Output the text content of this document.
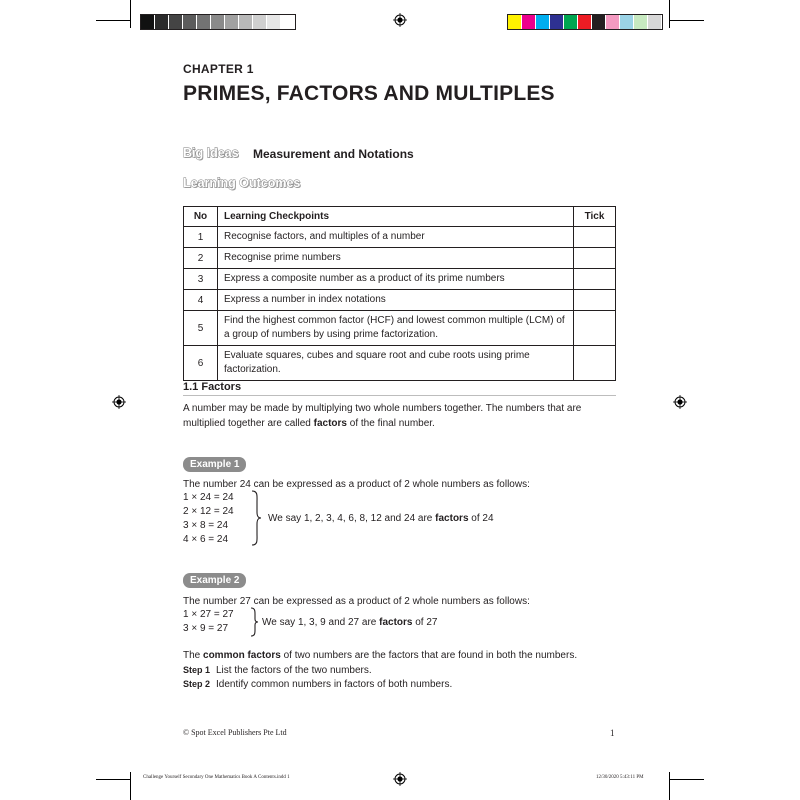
CHAPTER 1
PRIMES, FACTORS AND MULTIPLES
Big Ideas Measurement and Notations
Learning Outcomes
No	Learning Checkpoints	Tick
1	Recognise factors, and multiples of a number	
2	Recognise prime numbers	
3	Express a composite number as a product of its prime numbers	
4	Express a number in index notations	
5	Find the highest common factor (HCF) and lowest common multiple (LCM) of a group of numbers by using prime factorization.	
6	Evaluate squares, cubes and square root and cube roots using prime factorization.	
1.1 Factors
A number may be made by multiplying two whole numbers together. The numbers that are multiplied together are called factors of the final number.
Example 1
The number 24 can be expressed as a product of 2 whole numbers as follows:
1 × 24 = 24
2 × 12 = 24
3 × 8 = 24
4 × 6 = 24
We say 1, 2, 3, 4, 6, 8, 12 and 24 are factors of 24
Example 2
The number 27 can be expressed as a product of 2 whole numbers as follows:
1 × 27 = 27
3 × 9 = 27
We say 1, 3, 9 and 27 are factors of 27
The common factors of two numbers are the factors that are found in both the numbers.
Step 1 List the factors of the two numbers.
Step 2 Identify common numbers in factors of both numbers.
© Spot Excel Publishers Pte Ltd	1
Challenge Yourself Secondary One Mathematics Book A Contents.indd 1	12/30/2020 5:43:11 PM
